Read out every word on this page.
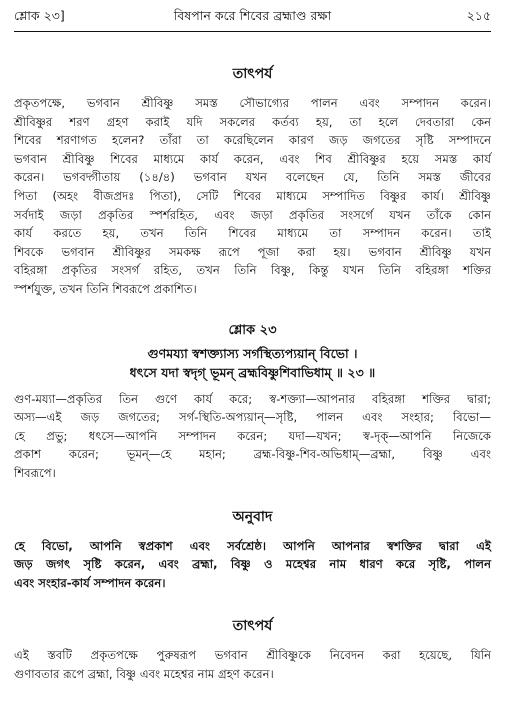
শ্লোক ২৩]	বিষপান করে শিবের ব্রহ্মাণ্ড রক্ষা	২১৫
তাৎপর্য
প্রকৃতপক্ষে, ভগবান শ্রীবিষ্ণু সমস্ত সৌভাগ্যের পালন এবং সম্পাদন করেন।
শ্রীবিষ্ণুর শরণ গ্রহণ করাই যদি সকলের কর্তব্য হয়, তা হলে দেবতারা কেন
শিবের শরণাগত হলেন? তাঁরা তা করেছিলেন কারণ জড় জগতের সৃষ্টি সম্পাদনে
ভগবান শ্রীবিষ্ণু শিবের মাধ্যমে কার্য করেন, এবং শিব শ্রীবিষ্ণুর হয়ে সমস্ত কার্য
করেন। ভগবদ্গীতায় (১৪/৪) ভগবান যখন বলেছেন যে, তিনি সমস্ত জীবের
পিতা (অহং বীজপ্রদঃ পিতা), সেটি শিবের মাধ্যমে সম্পাদিত বিষ্ণুর কার্য। শ্রীবিষ্ণু
সর্বদাই জড়া প্রকৃতির স্পর্শরহিত, এবং জড়া প্রকৃতির সংসর্গে যখন তাঁকে কোন
কার্য করতে হয়, তখন তিনি শিবের মাধ্যমে তা সম্পাদন করেন। তাই
শিবকে ভগবান শ্রীবিষ্ণুর সমকক্ষ রূপে পূজা করা হয়। ভগবান শ্রীবিষ্ণু যখন
বহিরঙ্গা প্রকৃতির সংসর্গ রহিত, তখন তিনি বিষ্ণু, কিন্তু যখন তিনি বহিরঙ্গা শক্তির
স্পর্শযুক্ত, তখন তিনি শিবরূপে প্রকাশিত।
শ্লোক ২৩
গুণময্যা স্বশক্ত্যাস্য সর্গস্থিত্যপ্যয়ান্ বিভো ।
ধৎসে যদা স্বদৃগ্ ভূমন্ ব্রহ্মবিষ্ণুশিবাভিধাম্ ॥ ২৩ ॥
গুণ-ময্যা—প্রকৃতির তিন গুণে কার্য করে; স্ব-শক্ত্যা—আপনার বহিরঙ্গা শক্তির দ্বারা;
অস্য—এই জড় জগতের; সর্গ-স্থিতি-অপ্যয়ান্—সৃষ্টি, পালন এবং সংহার; বিভো—
হে প্রভু; ধৎসে—আপনি সম্পাদন করেন; যদা—যখন; স্ব-দৃক্—আপনি নিজেকে
প্রকাশ করেন; ভূমন্—হে মহান; ব্রহ্ম-বিষ্ণু-শিব-অভিধাম্—ব্রহ্মা, বিষ্ণু এবং
শিবরূপে।
অনুবাদ
হে বিভো, আপনি স্বপ্রকাশ এবং সর্বশ্রেষ্ঠ। আপনি আপনার স্বশক্তির দ্বারা এই
জড় জগৎ সৃষ্টি করেন, এবং ব্রহ্মা, বিষ্ণু ও মহেশ্বর নাম ধারণ করে সৃষ্টি, পালন
এবং সংহার-কার্য সম্পাদন করেন।
তাৎপর্য
এই স্তবটি প্রকৃতপক্ষে পুরুষরূপ ভগবান শ্রীবিষ্ণুকে নিবেদন করা হয়েছে, যিনি
গুণাবতার রূপে ব্রহ্মা, বিষ্ণু এবং মহেশ্বর নাম গ্রহণ করেন।
